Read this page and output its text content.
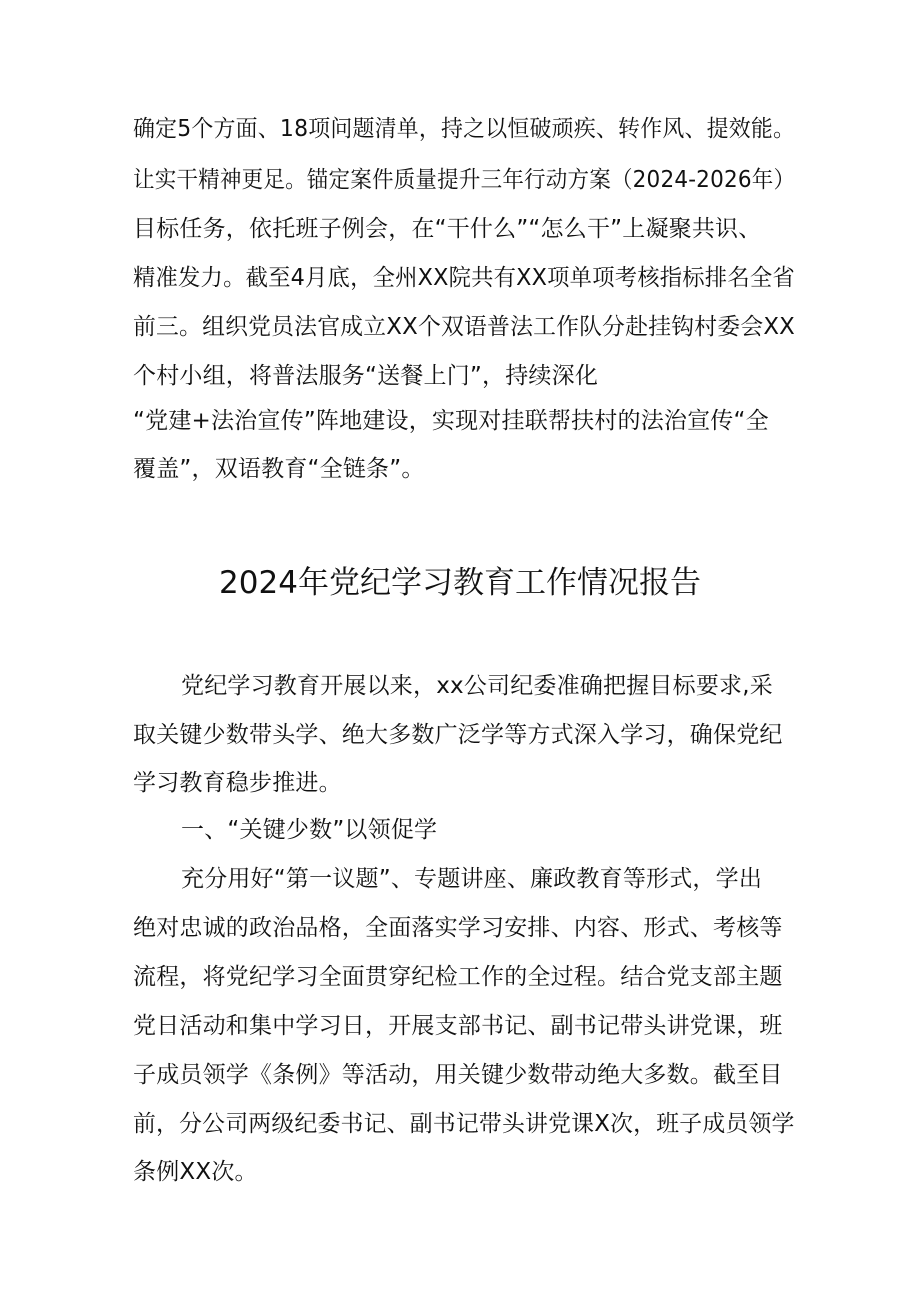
确定5个方面、18项问题清单，持之以恒破顽疾、转作风、提效能。
让实干精神更足。锚定案件质量提升三年行动方案（2024-2026年）
目标任务，依托班子例会，在“干什么”“怎么干”上凝聚共识、
精准发力。截至4月底，全州XX院共有XX项单项考核指标排名全省
前三。组织党员法官成立XX个双语普法工作队分赴挂钩村委会XX
个村小组，将普法服务“送餐上门”，持续深化
“党建+法治宣传”阵地建设，实现对挂联帮扶村的法治宣传“全
覆盖”，双语教育“全链条”。
2024年党纪学习教育工作情况报告
党纪学习教育开展以来，xx公司纪委准确把握目标要求,采
取关键少数带头学、绝大多数广泛学等方式深入学习，确保党纪
学习教育稳步推进。
一、“关键少数”以领促学
充分用好“第一议题”、专题讲座、廉政教育等形式，学出
绝对忠诚的政治品格，全面落实学习安排、内容、形式、考核等
流程，将党纪学习全面贯穿纪检工作的全过程。结合党支部主题
党日活动和集中学习日，开展支部书记、副书记带头讲党课，班
子成员领学《条例》等活动，用关键少数带动绝大多数。截至目
前，分公司两级纪委书记、副书记带头讲党课X次，班子成员领学
条例XX次。
